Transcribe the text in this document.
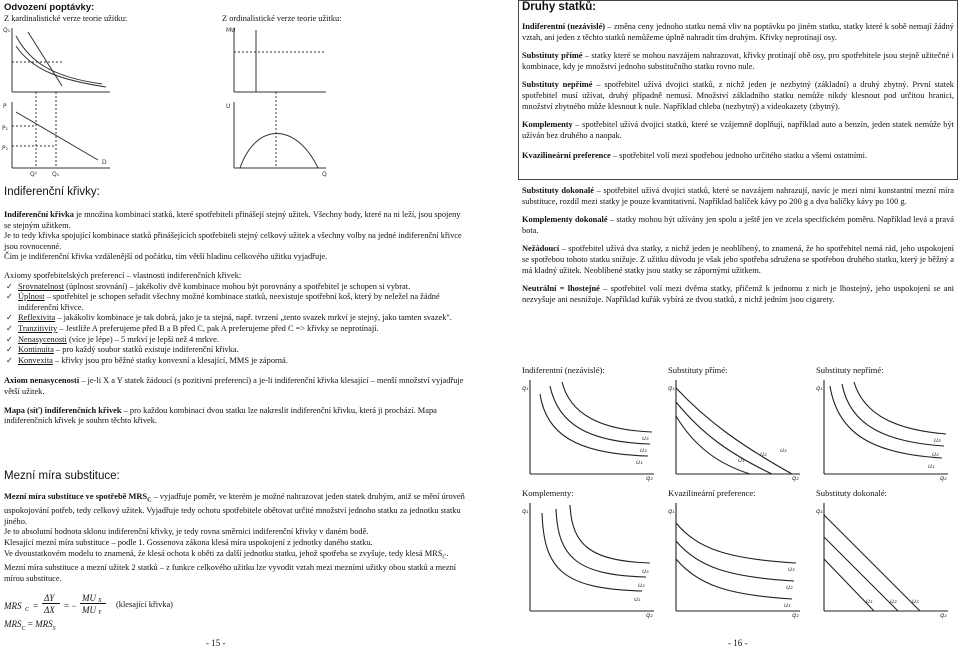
Odvození poptávky:
Z kardinalistické verze teorie užitku:	Z ordinalistické verze teorie užitku:
Q₁
P
P₁
P₂
D
Q¹ Q₁
MU
U
Q
Indiferenční křivky:
Indiferenční křivka je množina kombinací statků, které spotřebiteli přinášejí stejný užitek. Všechny body, které na ni leží, jsou spojeny se stejným užitkem.
Je to tedy křivka spojující kombinace statků přinášejících spotřebiteli stejný celkový užitek a všechny volby na jedné indiferenční křivce jsou rovnocenné.
Čím je indiferenční křivka vzdálenější od počátku, tím větší hladinu celkového užitku vyjadřuje.
Axiomy spotřebitelských preferencí – vlastnosti indiferenčních křivek:
✓ Srovnatelnost (úplnost srovnání) – jakékoliv dvě kombinace mohou být porovnány a spotřebitel je schopen si vybrat.
✓ Úplnost – spotřebitel je schopen seřadit všechny možné kombinace statků, neexistuje spotřební koš, který by neležel na žádné indiferenční křivce.
✓ Reflexivita – jakákoliv kombinace je tak dobrá, jako je ta stejná, např. tvrzení „tento svazek mrkví je stejný, jako tamten svazek".
✓ Tranzitivity – Jestliže A preferujeme před B a B před C, pak A preferujeme před C => křivky se neprotínají.
✓ Nenasycenosti (více je lépe) – 5 mrkví je lepší než 4 mrkve.
✓ Kontinuita – pro každý soubor statků existuje indiferenční křivka.
✓ Konvexita – křivky jsou pro běžné statky konvexní a klesající, MMS je záporná.
Axiom nenasycenosti – je-li X a Y statek žádoucí (s pozitivní preferencí) a je-li indiferenční křivka klesající – menší množství vyjadřuje větší užitek.
Mapa (síť) indiferenčních křivek – pro každou kombinaci dvou statku lze nakreslit indiferenční křivku, která ji prochází. Mapa indiferenčních křivek je souhrn těchto křivek.
Mezní míra substituce:
Mezní míra substituce ve spotřebě $MRS_C$ – vyjadřuje poměr, ve kterém je možné nahrazovat jeden statek druhým, aniž se mění úroveň uspokojování potřeb, tedy celkový užitek. Vyjadřuje tedy ochotu spotřebitele obětovat určité množství jednoho statku za jednotku statku jiného.
Je to absolutní hodnota sklonu indiferenční křivky, je tedy rovna směrnici indiferenční křivky v daném bodě.
Klesající mezní míra substituce – podle 1. Gossenova zákona klesá míra uspokojení z jednotky daného statku.
Ve dvoustatkovém modelu to znamená, že klesá ochota k oběti za další jednotku statku, jehož spotřeba se zvyšuje, tedy klesá $MRS_C$.
Mezní míra substituce a mezní užitek 2 statků – z funkce celkového užitku lze vyvodit vztah mezi mezními užitky obou statků a mezní mírou substituce.
MRS C =
ΔY
ΔX = −
MU X
MU Y
(klesající křivka)
$MRS_C = MRS_S$
- 15 -
Druhy statků:
Indiferentní (nezávislé) – změna ceny jednoho statku nemá vliv na poptávku po jiném statku, statky které k sobě nemají žádný vztah, ani jeden z těchto statků nemůžeme úplně nahradit tím druhým. Křivky neprotínají osy.
Substituty přímé – statky které se mohou navzájem nahrazovat, křivky protínají obě osy, pro spotřebitele jsou stejně užitečné i kombinace, kdy je množství jednoho substitučního statku rovno nule.
Substituty nepřímé – spotřebitel užívá dvojici statků, z nichž jeden je nezbytný (základní) a druhý zbytný. První statek spotřebitel musí užívat, druhý případně nemusí. Množství základního statku nemůže nikdy klesnout pod určitou hranici, množství zbytného může klesnout k nule. Například chleba (nezbytný) a videokazety (zbytný).
Komplementy – spotřebitel užívá dvojici statků, které se vzájemně doplňují, například auto a benzín, jeden statek nemůže být užíván bez druhého a naopak.
Kvazilineární preference – spotřebitel volí mezi spotřebou jednoho určitého statku a všemi ostatními.
Substituty dokonalé – spotřebitel užívá dvojici statků, které se navzájem nahrazují, navíc je mezi nimi konstantní mezní míra substituce, rozdíl mezi statky je pouze kvantitativní. Například balíček kávy po 200 g a dva balíčky kávy po 100 g.
Komplementy dokonalé – statky mohou být užívány jen spolu a ještě jen ve zcela specifickém poměru. Například levá a pravá bota.
Nežádoucí – spotřebitel užívá dva statky, z nichž jeden je neoblíbený, to znamená, že ho spotřebitel nemá rád, jeho uspokojení se spotřebou tohoto statku snižuje. Z užitku důvodu je však jeho spotřeba sdružena se spotřebou druhého statku, který je běžný a má kladný užitek. Neoblíbené statky jsou statky se zápornými užitkem.
Neutrální = lhostejné – spotřebitel volí mezi dvěma statky, přičemž k jednomu z nich je lhostejný, jeho uspokojení se ani nezvyšuje ani nesnižuje. Například kuřák vybírá ze dvou statků, z nichž jedním jsou cigarety.
Indiferentní (nezávislé):	Substituty přímé:	Substituty nepřímé:
Komplementy:	Kvazilineární preference:	Substituty dokonalé:
q₁
q₂
u₁
u₂
u₃
q₁
q₂
u₁
u₂ u₃
q₁
q₂
u₁
u₂
u₃
q₁
q₂
u₁
u₂
u₃
q₁
q₂
u₁
u₂
u₃
q₁
q₂
u₁	u₂ u₃
- 16 -
